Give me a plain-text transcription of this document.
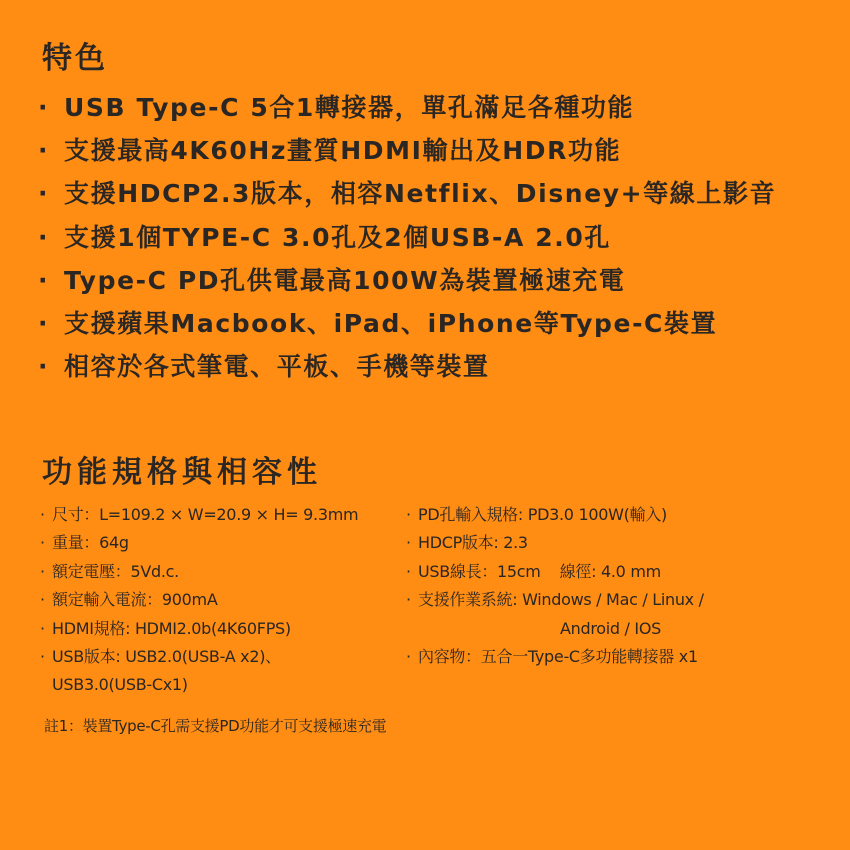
特色
· USB Type-C 5合1轉接器，單孔滿足各種功能
· 支援最高4K60Hz畫質HDMI輸出及HDR功能
· 支援HDCP2.3版本，相容Netflix、Disney+等線上影音
· 支援1個TYPE-C 3.0孔及2個USB-A 2.0孔
· Type-C PD孔供電最高100W為裝置極速充電
· 支援蘋果Macbook、iPad、iPhone等Type-C裝置
· 相容於各式筆電、平板、手機等裝置
功能規格與相容性
· 尺寸：L=109.2 × W=20.9 × H= 9.3mm
· 重量：64g
· 額定電壓：5Vd.c.
· 額定輸入電流：900mA
· HDMI規格: HDMI2.0b(4K60FPS)
· USB版本: USB2.0(USB-A x2)、
USB3.0(USB-Cx1)
· PD孔輸入規格: PD3.0 100W(輸入)
· HDCP版本: 2.3
· USB線長：15cm    線徑: 4.0 mm
· 支援作業系統: Windows / Mac / Linux /
Android / IOS
· 內容物：五合一Type-C多功能轉接器 x1

註1：裝置Type-C孔需支援PD功能才可支援極速充電
